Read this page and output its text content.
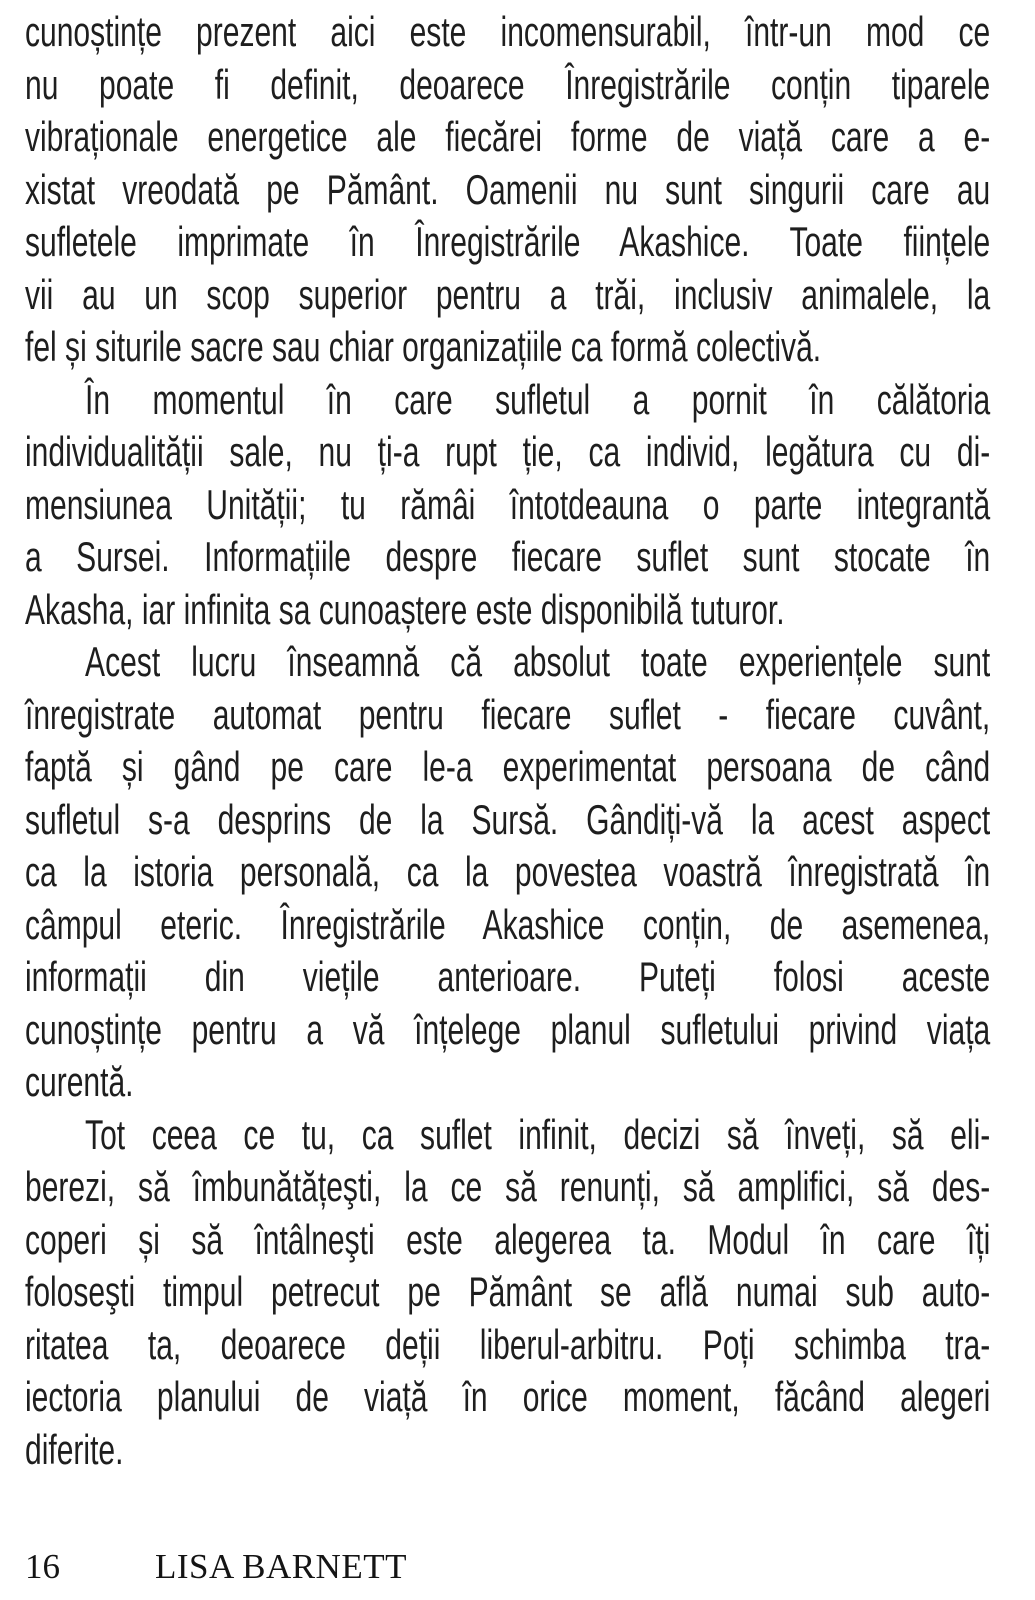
cunoștințe prezent aici este incomensurabil, într-un mod ce
nu poate fi definit, deoarece Înregistrările conțin tiparele
vibraționale energetice ale fiecărei forme de viață care a e-
xistat vreodată pe Pământ. Oamenii nu sunt singurii care au
sufletele imprimate în Înregistrările Akashice. Toate ființele
vii au un scop superior pentru a trăi, inclusiv animalele, la
fel și siturile sacre sau chiar organizațiile ca formă colectivă.
În momentul în care sufletul a pornit în călătoria
individualității sale, nu ți-a rupt ție, ca individ, legătura cu di-
mensiunea Unității; tu rămâi întotdeauna o parte integrantă
a Sursei. Informațiile despre fiecare suflet sunt stocate în
Akasha, iar infinita sa cunoaștere este disponibilă tuturor.
Acest lucru înseamnă că absolut toate experiențele sunt
înregistrate automat pentru fiecare suflet - fiecare cuvânt,
faptă și gând pe care le-a experimentat persoana de când
sufletul s-a desprins de la Sursă. Gândiți-vă la acest aspect
ca la istoria personală, ca la povestea voastră înregistrată în
câmpul eteric. Înregistrările Akashice conțin, de asemenea,
informații din viețile anterioare. Puteți folosi aceste
cunoștințe pentru a vă înțelege planul sufletului privind viața
curentă.
Tot ceea ce tu, ca suflet infinit, decizi să înveți, să eli-
berezi, să îmbunătățeşti, la ce să renunți, să amplifici, să des-
coperi și să întâlneşti este alegerea ta. Modul în care îți
foloseşti timpul petrecut pe Pământ se află numai sub auto-
ritatea ta, deoarece deții liberul-arbitru. Poți schimba tra-
iectoria planului de viață în orice moment, făcând alegeri
diferite.
16	LISA BARNETT
